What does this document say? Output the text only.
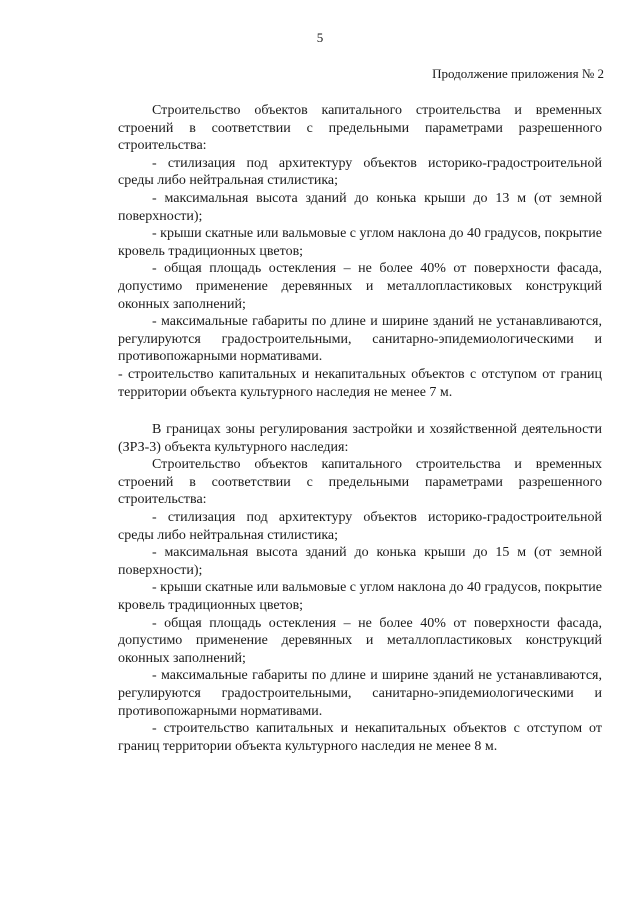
5
Продолжение приложения № 2

Строительство объектов капитального строительства и временных строений в соответствии с предельными параметрами разрешенного строительства:

- стилизация под архитектуру объектов историко-градостроительной среды либо нейтральная стилистика;

- максимальная высота зданий до конька крыши до 13 м (от земной поверхности);

- крыши скатные или вальмовые с углом наклона до 40 градусов, покрытие кровель традиционных цветов;

- общая площадь остекления – не более 40% от поверхности фасада, допустимо применение деревянных и металлопластиковых конструкций оконных заполнений;

- максимальные габариты по длине и ширине зданий не устанавливаются, регулируются градостроительными, санитарно-эпидемиологическими и противопожарными нормативами.

- строительство капитальных и некапитальных объектов с отступом от границ территории объекта культурного наследия не менее 7 м.

В границах зоны регулирования застройки и хозяйственной деятельности (ЗРЗ-3) объекта культурного наследия:

Строительство объектов капитального строительства и временных строений в соответствии с предельными параметрами разрешенного строительства:

- стилизация под архитектуру объектов историко-градостроительной среды либо нейтральная стилистика;

- максимальная высота зданий до конька крыши до 15 м (от земной поверхности);

- крыши скатные или вальмовые с углом наклона до 40 градусов, покрытие кровель традиционных цветов;

- общая площадь остекления – не более 40% от поверхности фасада, допустимо применение деревянных и металлопластиковых конструкций оконных заполнений;

- максимальные габариты по длине и ширине зданий не устанавливаются, регулируются градостроительными, санитарно-эпидемиологическими и противопожарными нормативами.

- строительство капитальных и некапитальных объектов с отступом от границ территории объекта культурного наследия не менее 8 м.
